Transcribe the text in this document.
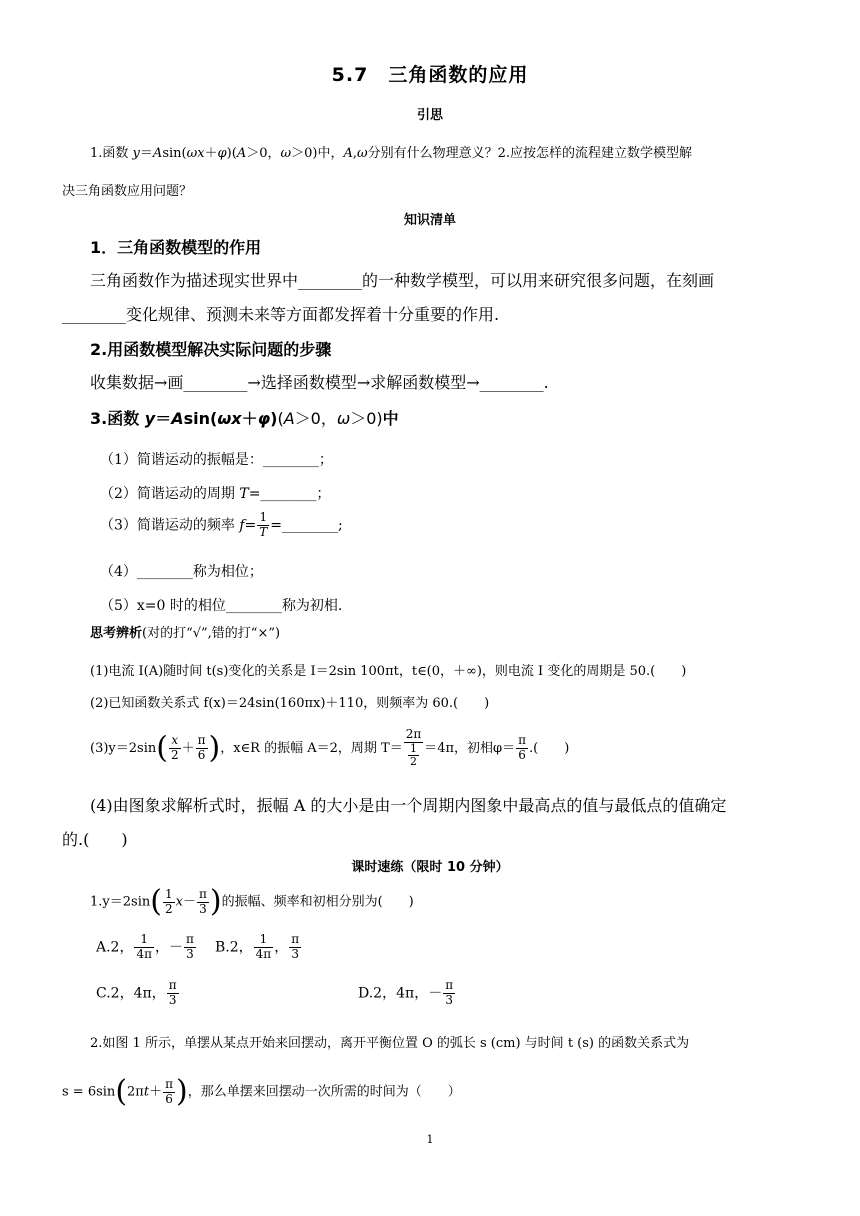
5.7　三角函数的应用
引思
1.函数 y＝Asin(ωx＋φ)(A＞0，ω＞0)中，A,ω分别有什么物理意义？2.应按怎样的流程建立数学模型解
决三角函数应用问题？
知识清单
1．三角函数模型的作用
三角函数作为描述现实世界中________的一种数学模型，可以用来研究很多问题，在刻画
________变化规律、预测未来等方面都发挥着十分重要的作用.
2.用函数模型解决实际问题的步骤
收集数据→画________→选择函数模型→求解函数模型→________.
3.函数 y＝Asin(ωx＋φ)(A＞0，ω＞0)中
（1）简谐运动的振幅是：________；
（2）简谐运动的周期 T=________；
（3）简谐运动的频率 $f= \frac{1}{T}$ =________;
（4）________称为相位；
（5）x=0 时的相位________称为初相.
思考辨析(对的打“√”,错的打“×”)
(1)电流 I(A)随时间 t(s)变化的关系是 I＝2sin 100πt，t∈(0，＋∞)，则电流 I 变化的周期是 50.(　　)
(2)已知函数关系式 f(x)＝24sin(160πx)＋110，则频率为 60.(　　)
$(3)y=2\sin( \frac{x}{2} + \frac{\pi}{6}$ )，x∈R 的振幅 A＝2，周期 $T= \frac{2\pi}{\frac{1}{2}} =4\pi$，初相$\varphi= \frac{\pi}{6}$ .(　　)
(4)由图象求解析式时，振幅 A 的大小是由一个周期内图象中最高点的值与最低点的值确定
的.(　　)
课时速练（限时 10 分钟）
$1.y=2\sin( \frac{1}{2} x- \frac{\pi}{3}$ )的振幅、频率和初相分别为(　　)
A.2， $\frac{1}{4\pi}$ ，－ $\frac{\pi}{3} B.2$， $\frac{1}{4\pi}$ ， $\frac{\pi}{3}$
C.2，4π， $\frac{\pi}{3}$	D.2，4π，－ $\frac{\pi}{3}$
2.如图 1 所示，单摆从某点开始来回摆动，离开平衡位置 O 的弧长 s (cm) 与时间 t (s) 的函数关系式为
$s = 6\sin(2\pi t+ \frac{\pi}{6}$ )，那么单摆来回摆动一次所需的时间为（　　）
1
